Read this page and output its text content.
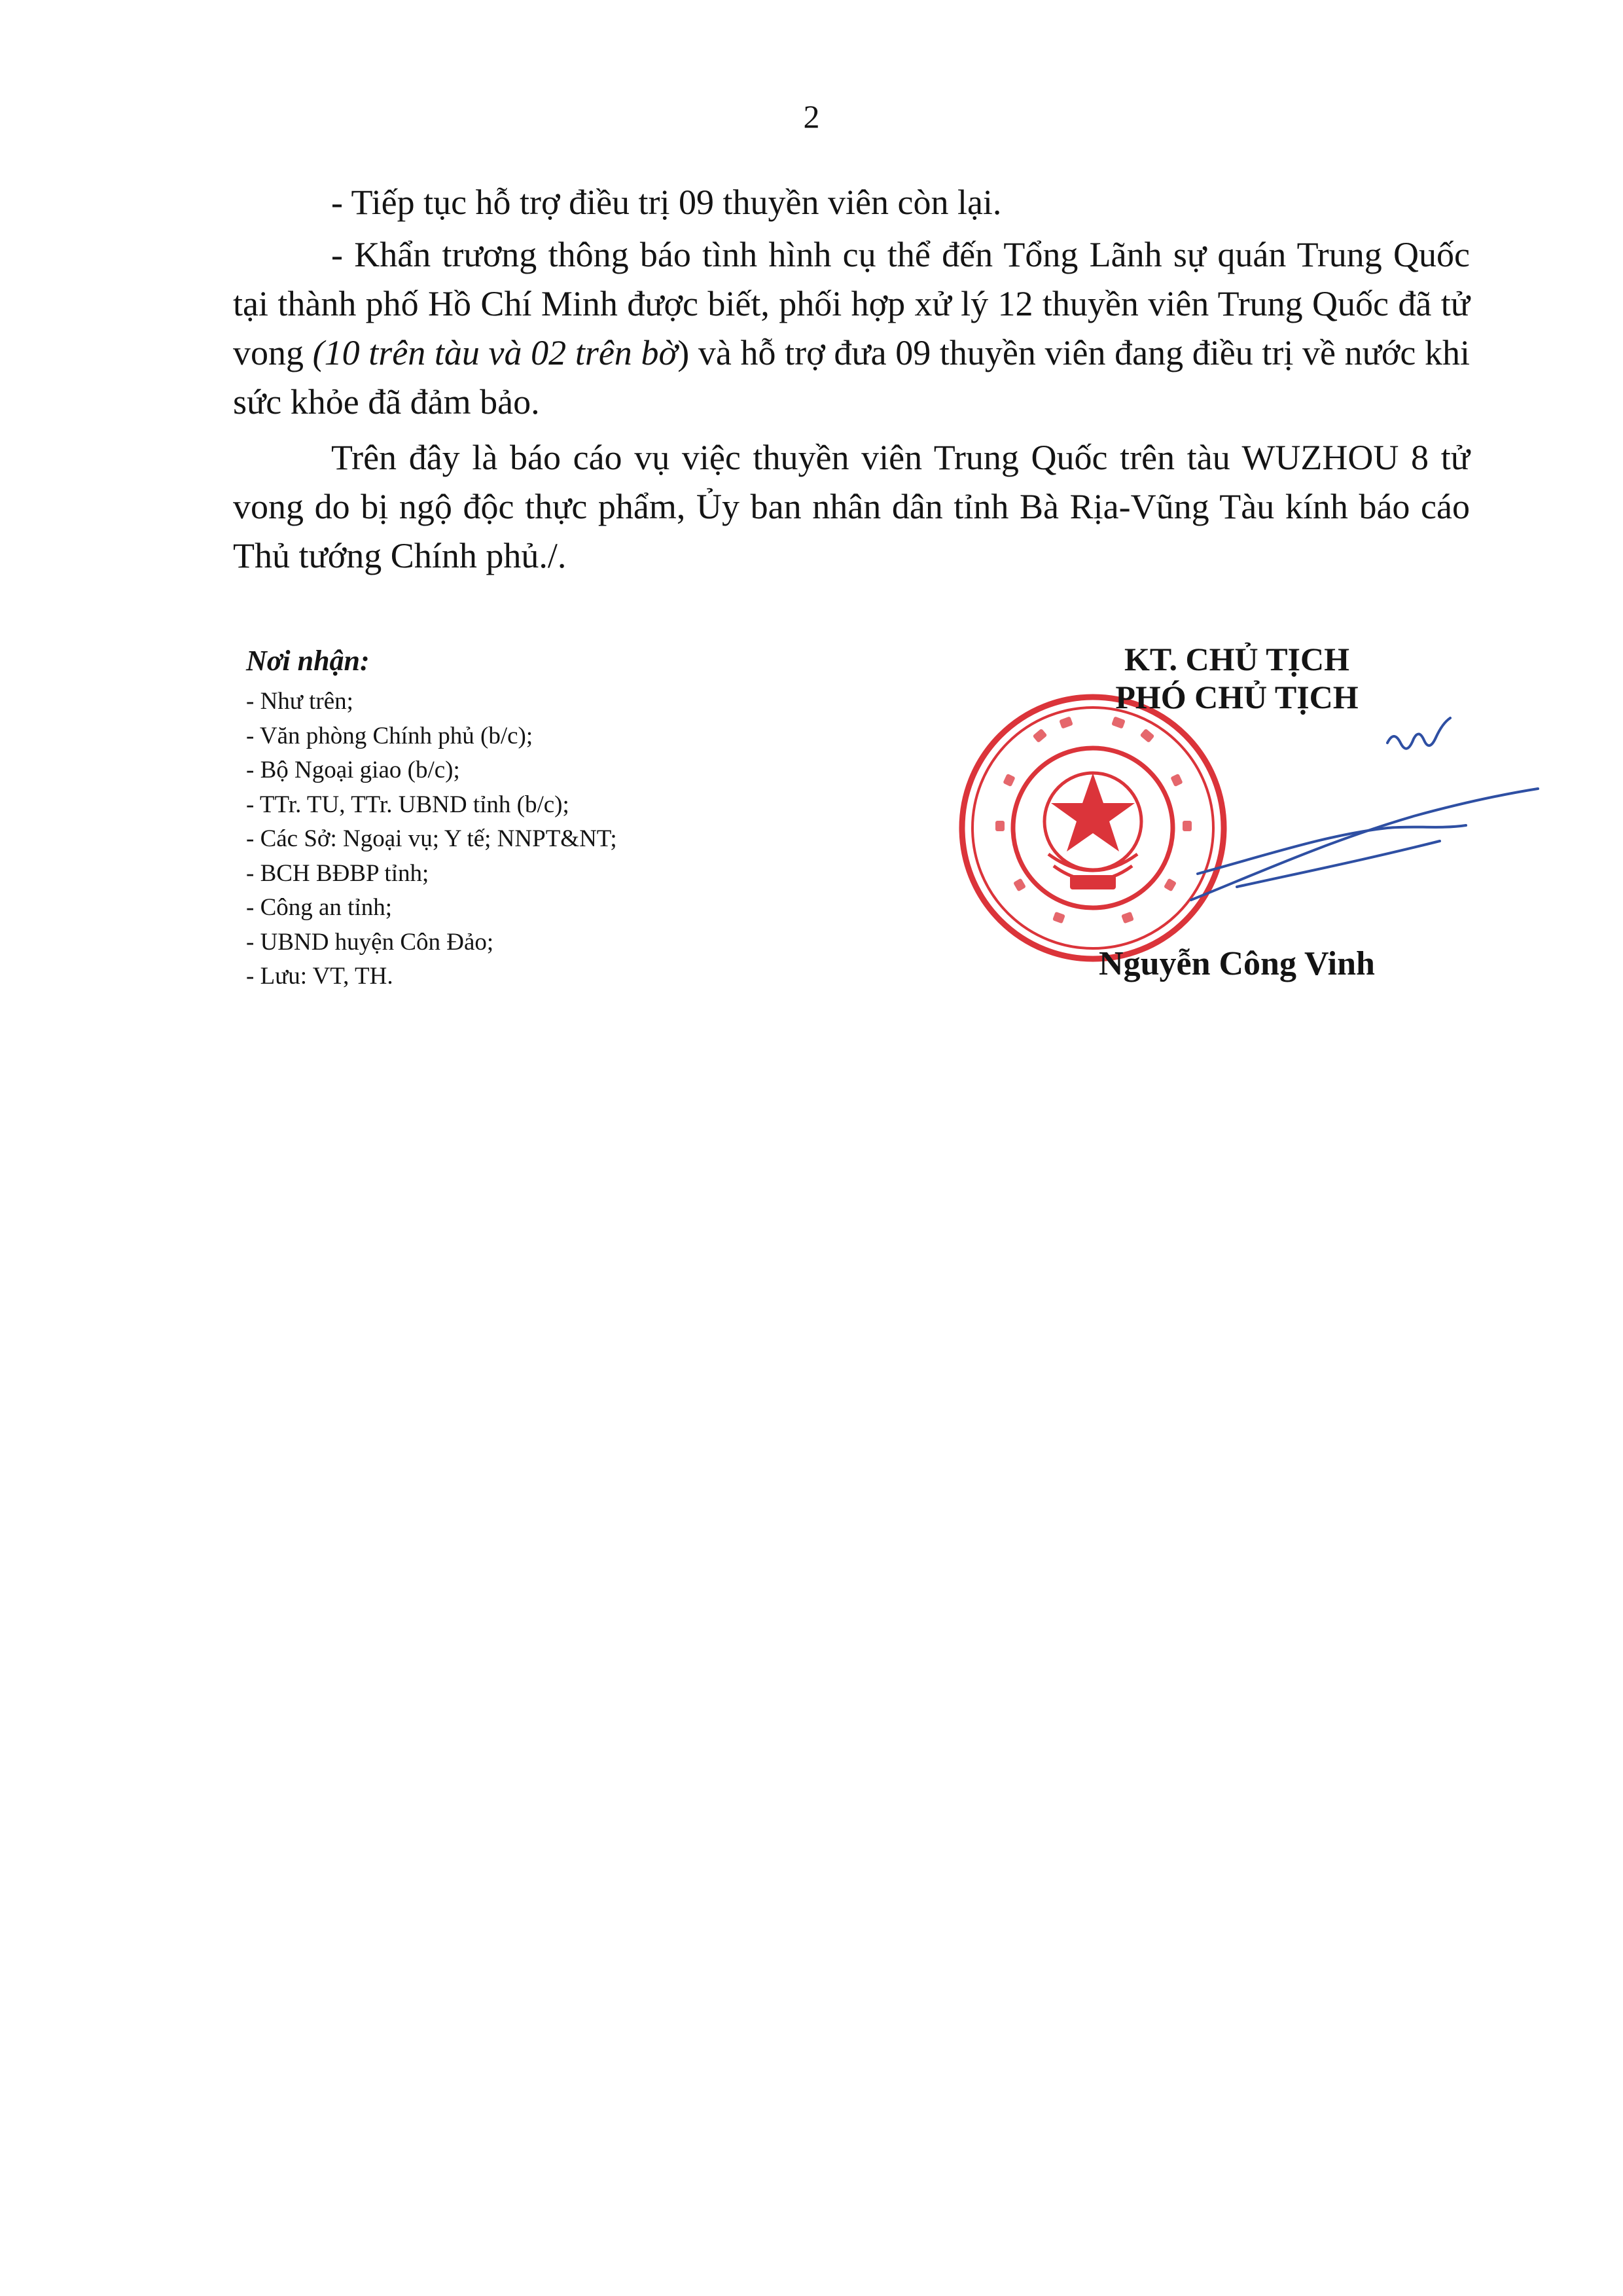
2

- Tiếp tục hỗ trợ điều trị 09 thuyền viên còn lại.

- Khẩn trương thông báo tình hình cụ thể đến Tổng Lãnh sự quán Trung Quốc tại thành phố Hồ Chí Minh được biết, phối hợp xử lý 12 thuyền viên Trung Quốc đã tử vong (10 trên tàu và 02 trên bờ) và hỗ trợ đưa 09 thuyền viên đang điều trị về nước khi sức khỏe đã đảm bảo.

Trên đây là báo cáo vụ việc thuyền viên Trung Quốc trên tàu WUZHOU 8 tử vong do bị ngộ độc thực phẩm, Ủy ban nhân dân tỉnh Bà Rịa-Vũng Tàu kính báo cáo Thủ tướng Chính phủ./.

Nơi nhận:
- Như trên;
- Văn phòng Chính phủ (b/c);
- Bộ Ngoại giao (b/c);
- TTr. TU, TTr. UBND tỉnh (b/c);
- Các Sở: Ngoại vụ; Y tế; NNPT&NT;
- BCH BĐBP tỉnh;
- Công an tỉnh;
- UBND huyện Côn Đảo;
- Lưu: VT, TH.
KT. CHỦ TỊCH
PHÓ CHỦ TỊCH
Nguyễn Công Vinh
